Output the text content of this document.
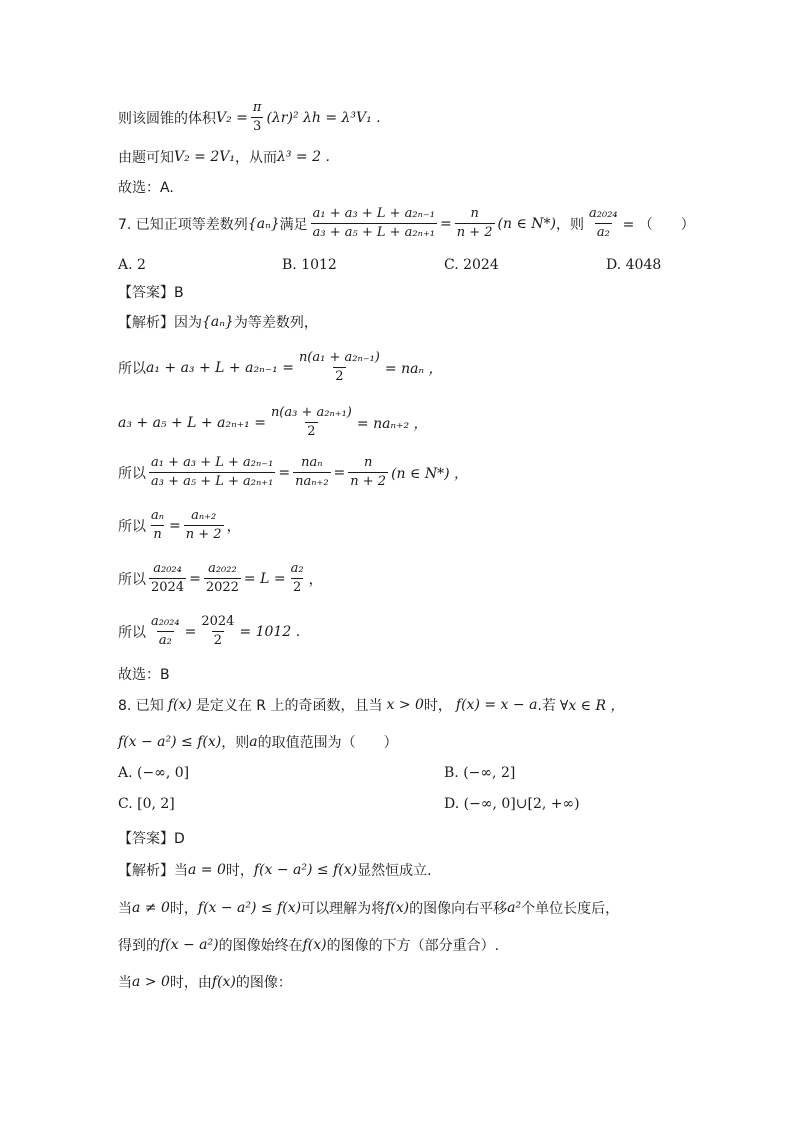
则该圆锥的体积 $V_2 = \frac{\pi}{3} (\lambda r)^2$ λh = λ³V₁ .
由题可知 V₂ = 2V₁ ，从而 λ³ = 2 .
故选：A.
7. 已知正项等差数列 {aₙ} 满足 $\frac{\text{a₁ + a₃ + L + a₂ₙ₋₁}}{\text{a₃ + a₅ + L + a₂ₙ₊₁}} = \frac{n}{n + 2} (n$ ∈ N*) ，则 $\frac{\text{a₂₀₂₄}}{\text{a₂}}$ = （　　）
A. 2	B. 1012	C. 2024	D. 4048
【答案】B
【解析】因为 {aₙ} 为等差数列，
所以 $a_1 + a_3 + L + a_{2n-1} = \frac{\text{n(a₁ + a₂ₙ₋₁)}}{2} = na_n$ ，
$a_3 + a_5 + L + a_{2n+1} = \frac{\text{n(a₃ + a₂ₙ₊₁)}}{2} = na_{n+2}$ ，
所以 $\frac{\text{a₁ + a₃ + L + a₂ₙ₋₁}}{\text{a₃ + a₅ + L + a₂ₙ₊₁}} = \frac{\text{naₙ}}{\text{naₙ₊₂}} = \frac{n}{n + 2} (n$ ∈ N*) ，
所以 $\frac{\text{aₙ}}{n} = \frac{\text{aₙ₊₂}}{n + 2}$ ，
所以 $\frac{\text{a₂₀₂₄}}{2024} = \frac{\text{a₂₀₂₂}}{2022} = L = \frac{\text{a₂}}{2}$ ，
所以 $\frac{\text{a₂₀₂₄}}{\text{a₂}} = \frac{2024}{2} = 1012$ .
故选：B
8. 已知 f(x) 是定义在 R 上的奇函数，且当 x > 0 时， f(x) = x − a .若 ∀x ∈ R ，
f(x − a²) ≤ f(x) ，则 a 的取值范围为（　　）
A. (−∞, 0]	B. (−∞, 2]
C. [0, 2]	D. (−∞, 0]∪[2, +∞)
【答案】D
【解析】当 a = 0 时， f(x − a²) ≤ f(x) 显然恒成立.
当 a ≠ 0 时， f(x − a²) ≤ f(x) 可以理解为将 f(x) 的图像向右平移 a² 个单位长度后，
得到的 f(x − a²) 的图像始终在 f(x) 的图像的下方（部分重合）.
当 a > 0 时，由 f(x) 的图像：
